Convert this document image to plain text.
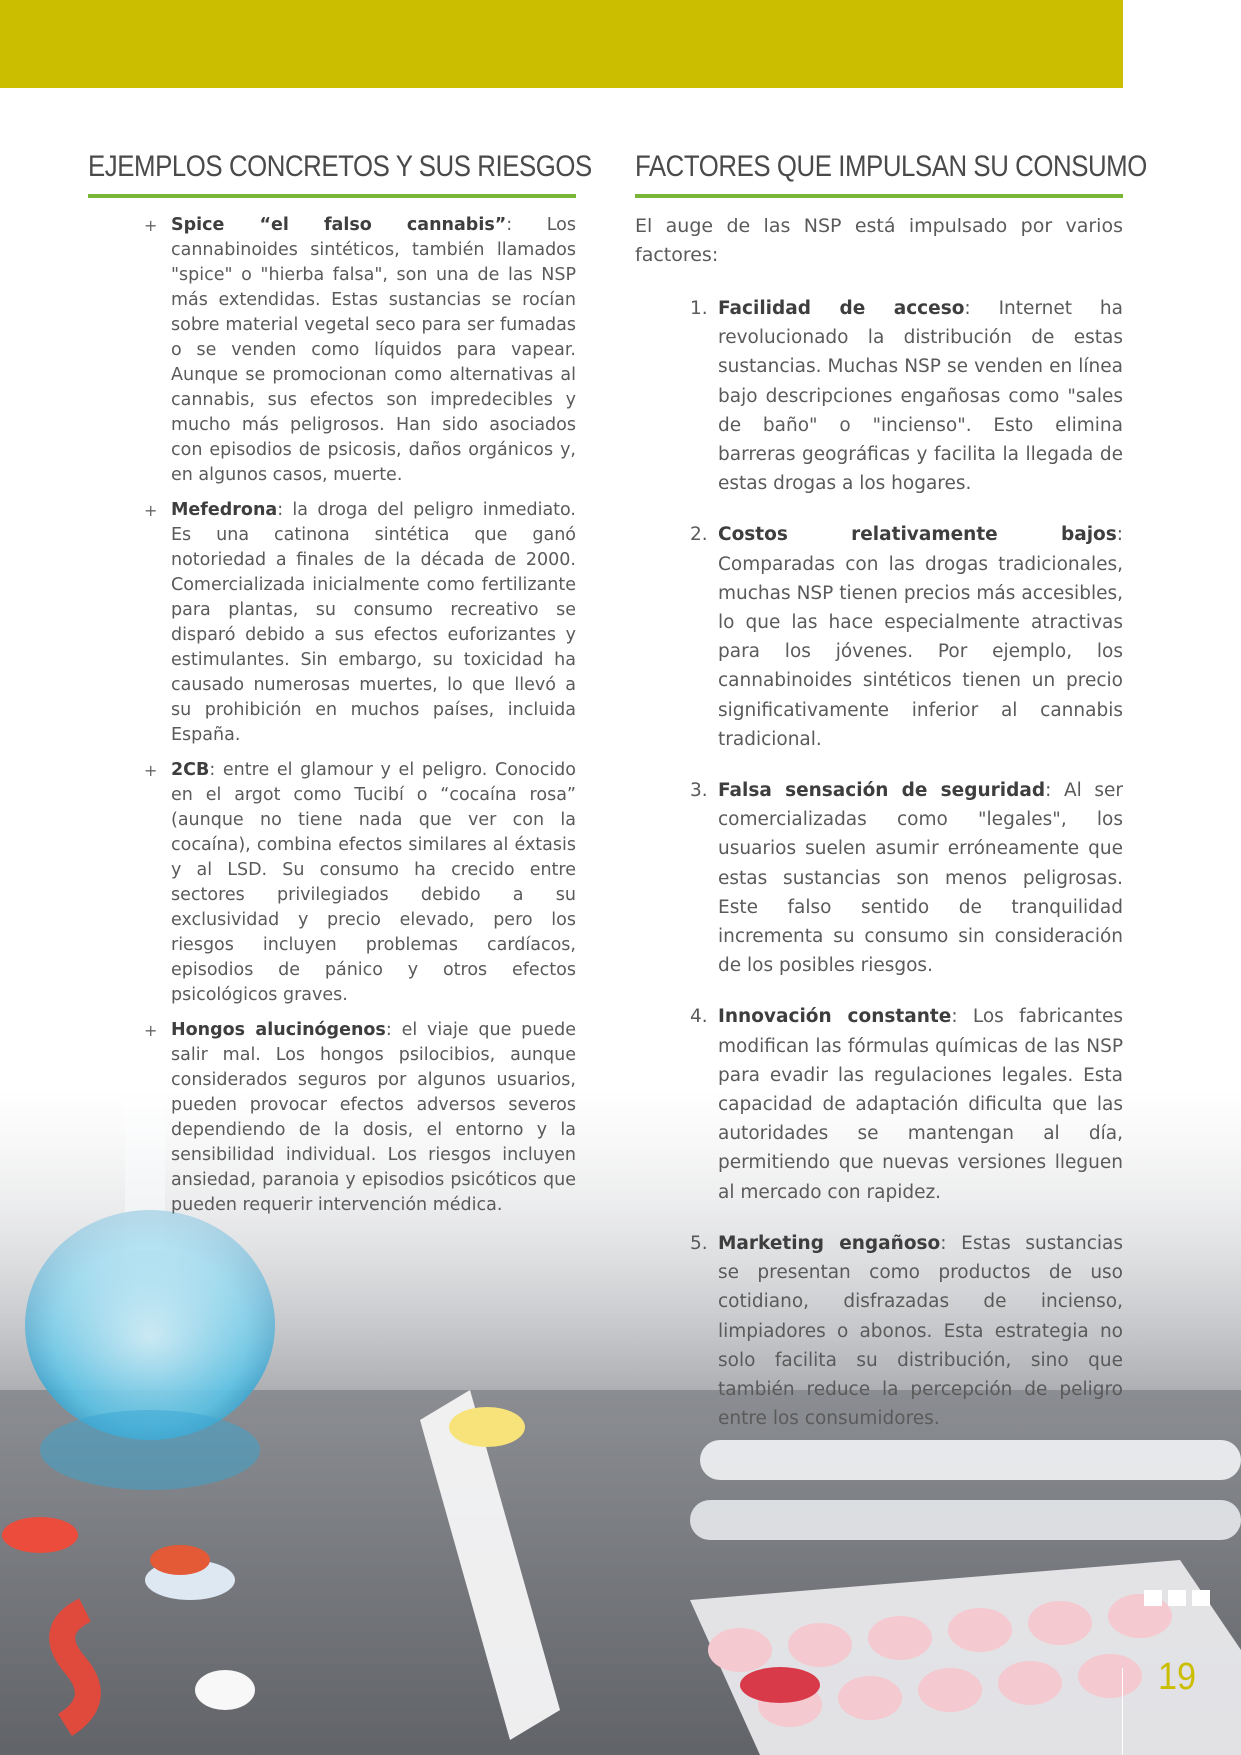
EJEMPLOS CONCRETOS Y SUS RIESGOS
+ Spice “el falso cannabis”: Los cannabinoides sintéticos, también llamados "spice" o "hierba falsa", son una de las NSP más extendidas. Estas sustancias se rocían sobre material vegetal seco para ser fumadas o se venden como líquidos para vapear. Aunque se promocionan como alternativas al cannabis, sus efectos son impredecibles y mucho más peligrosos. Han sido asociados con episodios de psicosis, daños orgánicos y, en algunos casos, muerte.
+ Mefedrona: la droga del peligro inmediato. Es una catinona sintética que ganó notoriedad a finales de la década de 2000. Comercializada inicialmente como fertilizante para plantas, su consumo recreativo se disparó debido a sus efectos euforizantes y estimulantes. Sin embargo, su toxicidad ha causado numerosas muertes, lo que llevó a su prohibición en muchos países, incluida España.
+ 2CB: entre el glamour y el peligro. Conocido en el argot como Tucibí o “cocaína rosa” (aunque no tiene nada que ver con la cocaína), combina efectos similares al éxtasis y al LSD. Su consumo ha crecido entre sectores privilegiados debido a su exclusividad y precio elevado, pero los riesgos incluyen problemas cardíacos, episodios de pánico y otros efectos psicológicos graves.
+ Hongos alucinógenos: el viaje que puede salir mal. Los hongos psilocibios, aunque considerados seguros por algunos usuarios, pueden provocar efectos adversos severos dependiendo de la dosis, el entorno y la sensibilidad individual. Los riesgos incluyen ansiedad, paranoia y episodios psicóticos que pueden requerir intervención médica.
FACTORES QUE IMPULSAN SU CONSUMO

El auge de las NSP está impulsado por varios factores:

1. Facilidad de acceso: Internet ha revolucionado la distribución de estas sustancias. Muchas NSP se venden en línea bajo descripciones engañosas como "sales de baño" o "incienso". Esto elimina barreras geográficas y facilita la llegada de estas drogas a los hogares.
2. Costos relativamente bajos: Comparadas con las drogas tradicionales, muchas NSP tienen precios más accesibles, lo que las hace especialmente atractivas para los jóvenes. Por ejemplo, los cannabinoides sintéticos tienen un precio significativamente inferior al cannabis tradicional.
3. Falsa sensación de seguridad: Al ser comercializadas como "legales", los usuarios suelen asumir erróneamente que estas sustancias son menos peligrosas. Este falso sentido de tranquilidad incrementa su consumo sin consideración de los posibles riesgos.
4. Innovación constante: Los fabricantes modifican las fórmulas químicas de las NSP para evadir las regulaciones legales. Esta capacidad de adaptación dificulta que las autoridades se mantengan al día, permitiendo que nuevas versiones lleguen al mercado con rapidez.
5. Marketing engañoso: Estas sustancias se presentan como productos de uso cotidiano, disfrazadas de incienso, limpiadores o abonos. Esta estrategia no solo facilita su distribución, sino que también reduce la percepción de peligro entre los consumidores.
19
